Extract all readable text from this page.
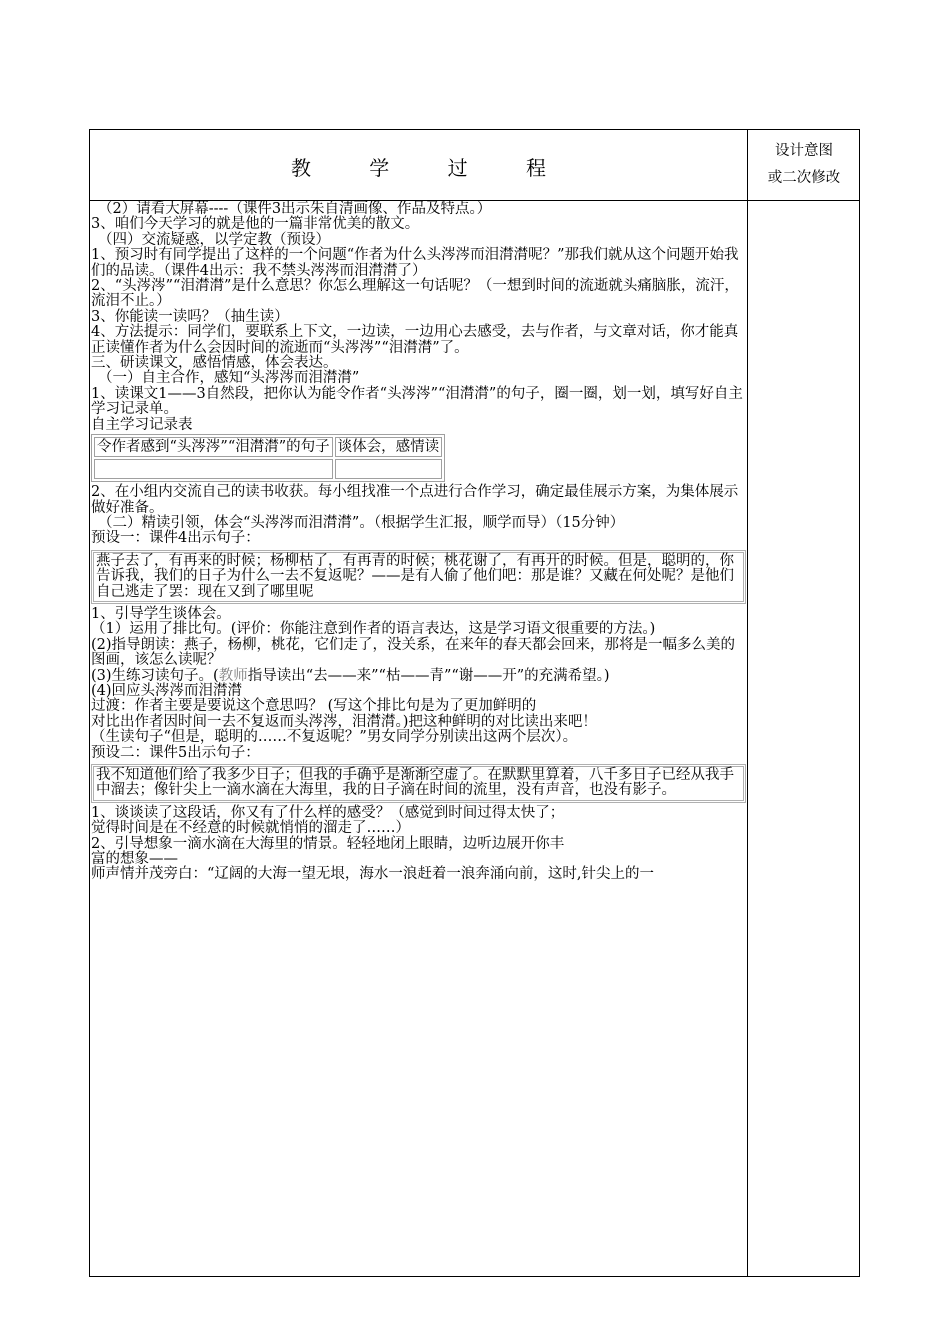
教 学 过 程
设计意图
或二次修改

（2）请看大屏幕----（课件3出示朱自清画像、作品及特点。）

3、咱们今天学习的就是他的一篇非常优美的散文。

（四）交流疑惑，以学定教（预设）

1、预习时有同学提出了这样的一个问题“作者为什么头涔涔而泪潸潸呢？”那我们就从这个问题开始我们的品读。（课件4出示：我不禁头涔涔而泪潸潸了）

2、“头涔涔”“泪潸潸”是什么意思？你怎么理解这一句话呢？（一想到时间的流逝就头痛脑胀，流汗，流泪不止。）

3、你能读一读吗？（抽生读）

4、方法提示：同学们，要联系上下文，一边读，一边用心去感受，去与作者，与文章对话，你才能真正读懂作者为什么会因时间的流逝而“头涔涔”“泪潸潸”了。

三、研读课文，感悟情感，体会表达。

（一）自主合作，感知“头涔涔而泪潸潸”

1、读课文1——3自然段，把你认为能令作者“头涔涔”“泪潸潸”的句子，圈一圈，划一划，填写好自主学习记录单。

自主学习记录表

令作者感到“头涔涔”“泪潸潸”的句子	谈体会，感情读

2、在小组内交流自己的读书收获。每小组找准一个点进行合作学习，确定最佳展示方案，为集体展示做好准备。

（二）精读引领，体会“头涔涔而泪潸潸”。（根据学生汇报，顺学而导）（15分钟）

预设一：课件4出示句子：

燕子去了，有再来的时候；杨柳枯了，有再青的时候；桃花谢了，有再开的时候。但是，聪明的，你告诉我，我们的日子为什么一去不复返呢？——是有人偷了他们吧：那是谁？又藏在何处呢？是他们自己逃走了罢：现在又到了哪里呢

1、引导学生谈体会。

（1）运用了排比句。(评价：你能注意到作者的语言表达，这是学习语文很重要的方法。)

(2)指导朗读：燕子，杨柳，桃花，它们走了，没关系，在来年的春天都会回来，那将是一幅多么美的图画，该怎么读呢？

(3)生练习读句子。(教师指导读出“去——来”“枯——青”“谢——开”的充满希望。)

(4)回应头涔涔而泪潸潸

过渡：作者主要是要说这个意思吗？ (写这个排比句是为了更加鲜明的

对比出作者因时间一去不复返而头涔涔，泪潸潸。)把这种鲜明的对比读出来吧！

（生读句子“但是，聪明的……不复返呢？”男女同学分别读出这两个层次）。

预设二：课件5出示句子：

我不知道他们给了我多少日子；但我的手确乎是渐渐空虚了。在默默里算着，八千多日子已经从我手中溜去；像针尖上一滴水滴在大海里，我的日子滴在时间的流里，没有声音，也没有影子。

1、谈谈读了这段话，你又有了什么样的感受？（感觉到时间过得太快了；

觉得时间是在不经意的时候就悄悄的溜走了……）

2、引导想象一滴水滴在大海里的情景。轻轻地闭上眼睛，边听边展开你丰

富的想象——

师声情并茂旁白：“辽阔的大海一望无垠，海水一浪赶着一浪奔涌向前，这时,针尖上的一
